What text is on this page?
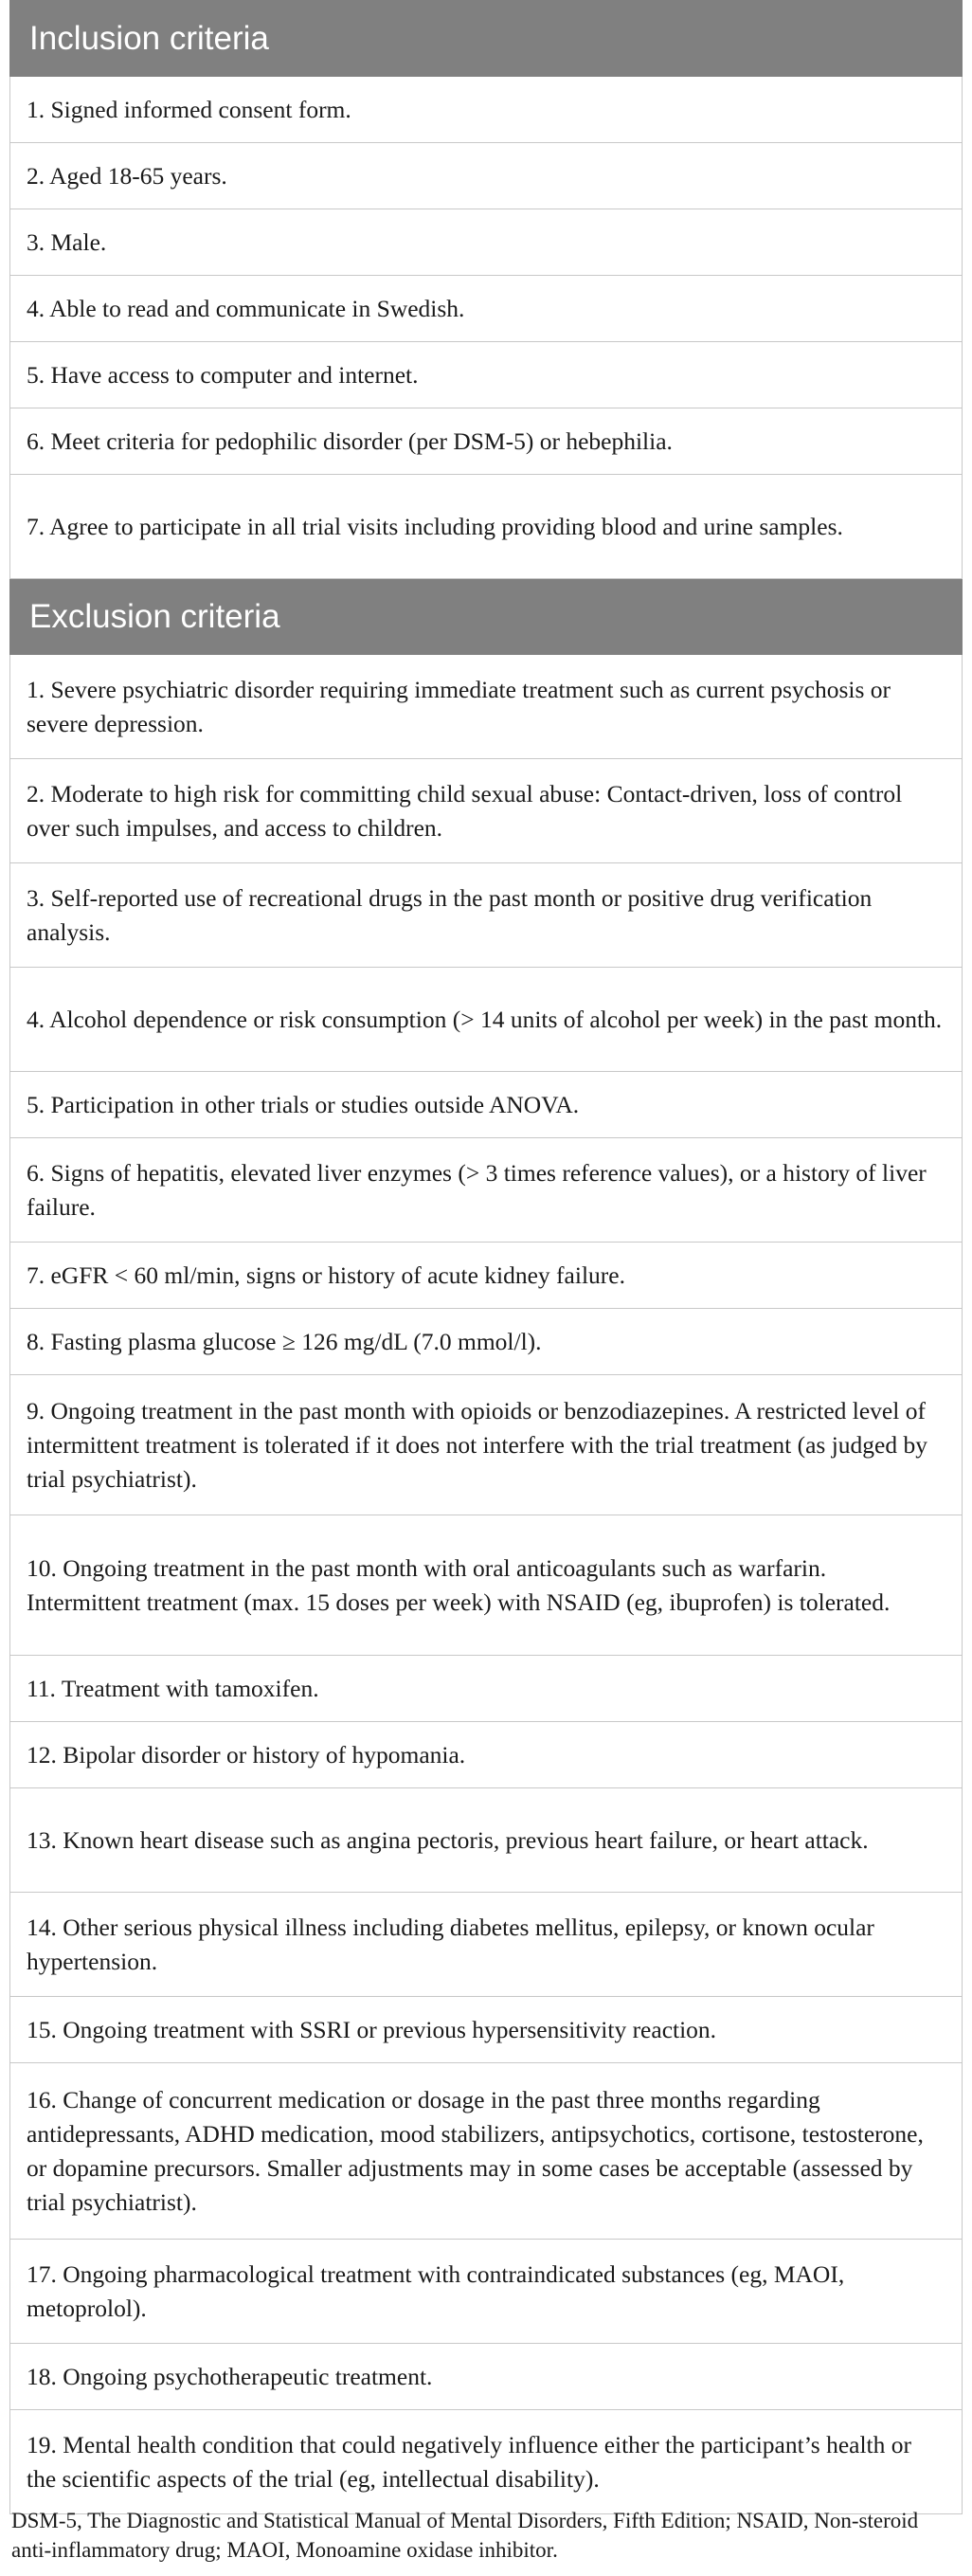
Inclusion criteria
1. Signed informed consent form.
2. Aged 18-65 years.
3. Male.
4. Able to read and communicate in Swedish.
5. Have access to computer and internet.
6. Meet criteria for pedophilic disorder (per DSM-5) or hebephilia.
7. Agree to participate in all trial visits including providing blood and urine samples.
Exclusion criteria
1. Severe psychiatric disorder requiring immediate treatment such as current psychosis or severe depression.
2. Moderate to high risk for committing child sexual abuse: Contact-driven, loss of control over such impulses, and access to children.
3. Self-reported use of recreational drugs in the past month or positive drug verification analysis.
4. Alcohol dependence or risk consumption (> 14 units of alcohol per week) in the past month.
5. Participation in other trials or studies outside ANOVA.
6. Signs of hepatitis, elevated liver enzymes (> 3 times reference values), or a history of liver failure.
7. eGFR < 60 ml/min, signs or history of acute kidney failure.
8. Fasting plasma glucose ≥ 126 mg/dL (7.0 mmol/l).
9. Ongoing treatment in the past month with opioids or benzodiazepines. A restricted level of intermittent treatment is tolerated if it does not interfere with the trial treatment (as judged by trial psychiatrist).
10. Ongoing treatment in the past month with oral anticoagulants such as warfarin. Intermittent treatment (max. 15 doses per week) with NSAID (eg, ibuprofen) is tolerated.
11. Treatment with tamoxifen.
12. Bipolar disorder or history of hypomania.
13. Known heart disease such as angina pectoris, previous heart failure, or heart attack.
14. Other serious physical illness including diabetes mellitus, epilepsy, or known ocular hypertension.
15. Ongoing treatment with SSRI or previous hypersensitivity reaction.
16. Change of concurrent medication or dosage in the past three months regarding antidepressants, ADHD medication, mood stabilizers, antipsychotics, cortisone, testosterone, or dopamine precursors. Smaller adjustments may in some cases be acceptable (assessed by trial psychiatrist).
17. Ongoing pharmacological treatment with contraindicated substances (eg, MAOI, metoprolol).
18. Ongoing psychotherapeutic treatment.
19. Mental health condition that could negatively influence either the participant’s health or the scientific aspects of the trial (eg, intellectual disability).
DSM-5, The Diagnostic and Statistical Manual of Mental Disorders, Fifth Edition; NSAID, Non-steroid anti-inflammatory drug; MAOI, Monoamine oxidase inhibitor.
